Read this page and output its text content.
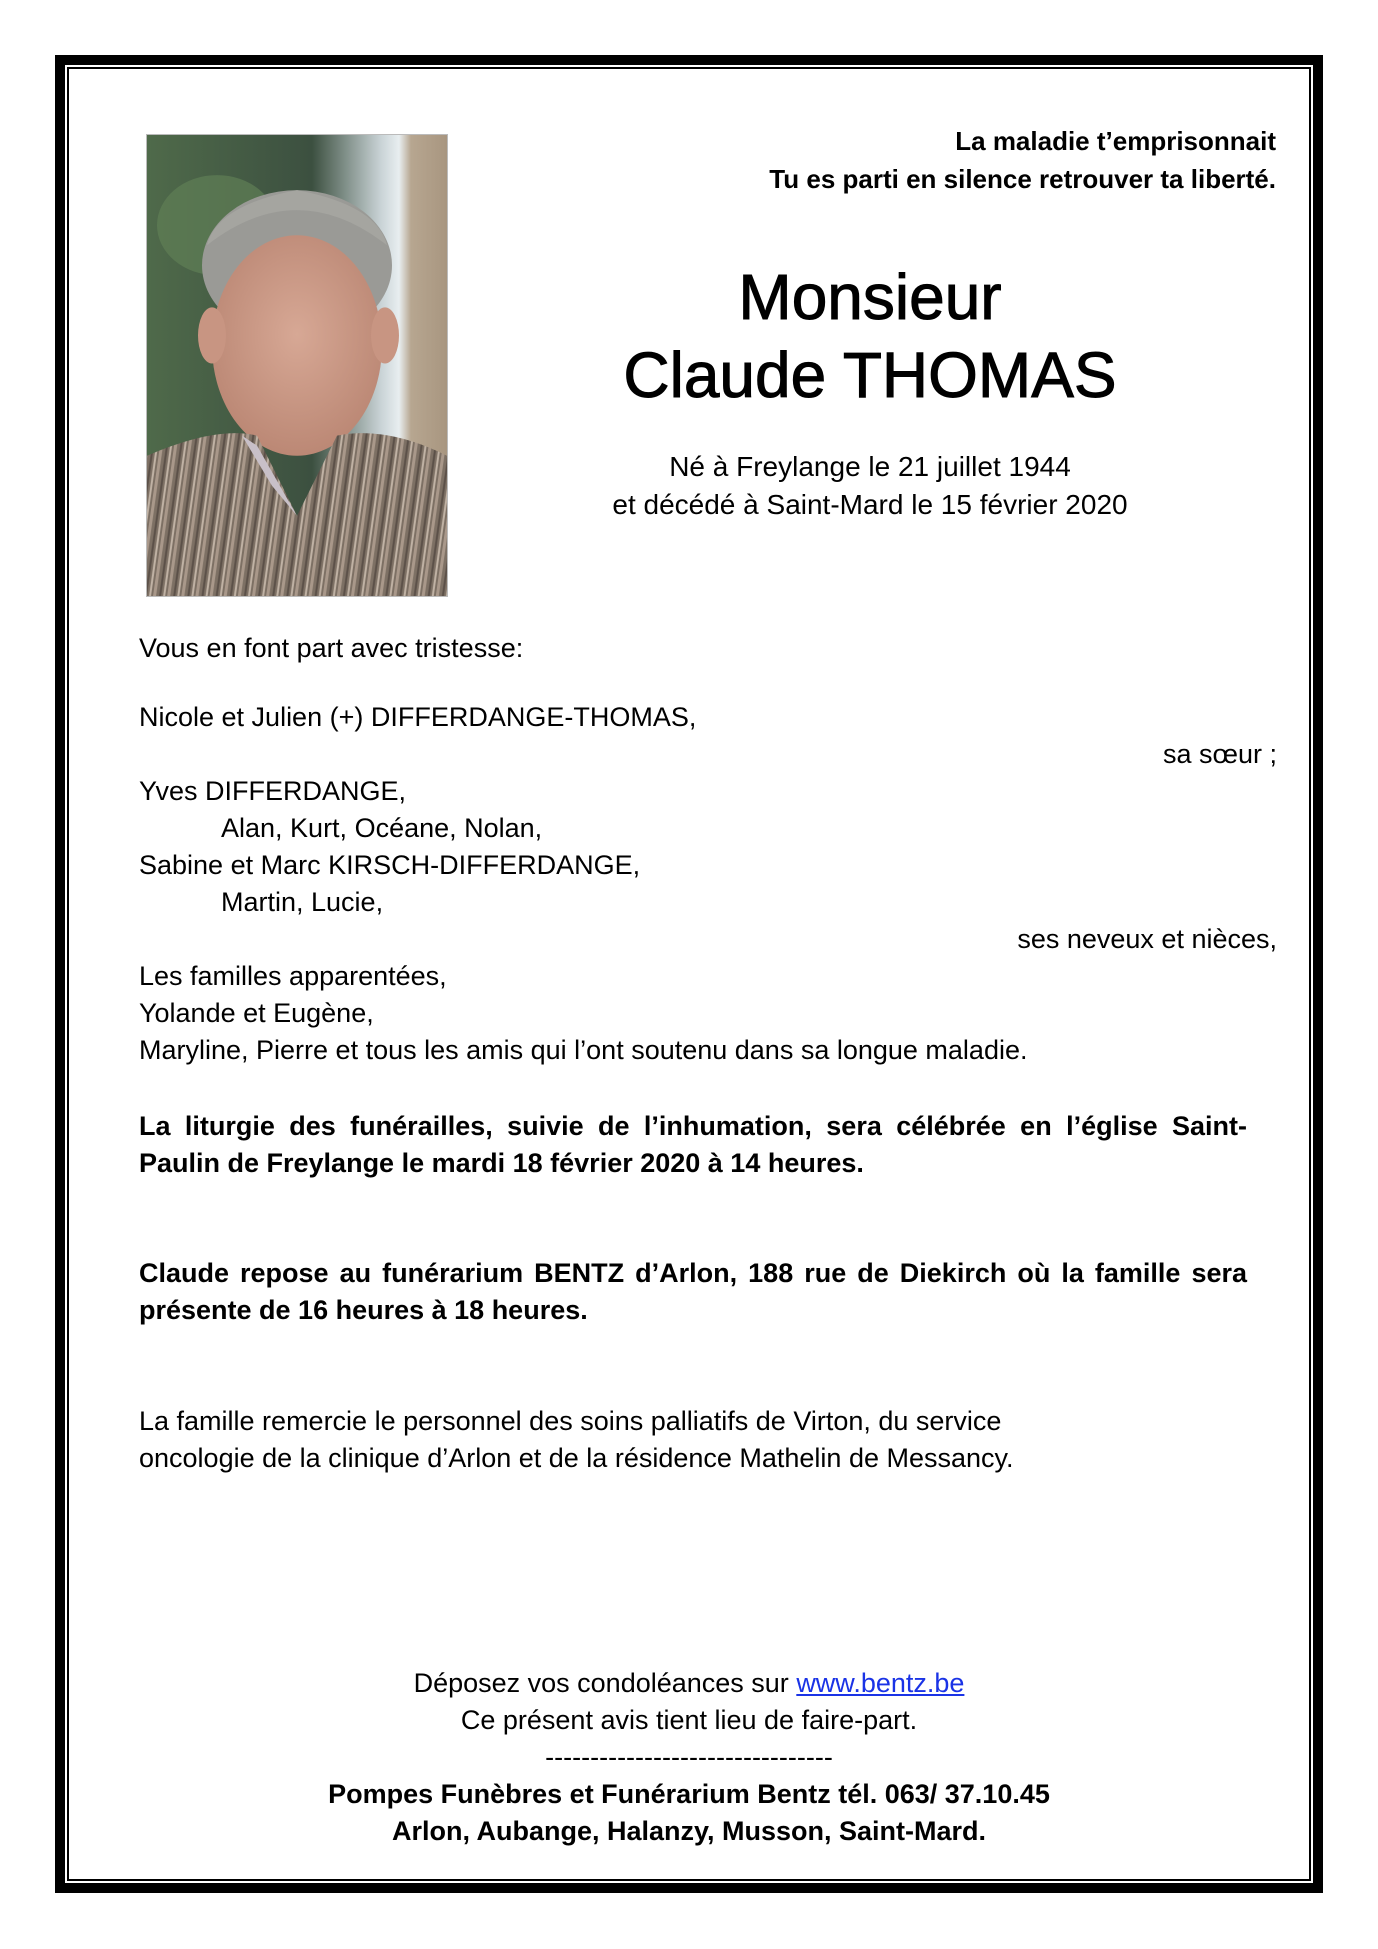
La maladie t’emprisonnait
Tu es parti en silence retrouver ta liberté.
Monsieur
Claude THOMAS
Né à Freylange le 21 juillet 1944
et décédé à Saint-Mard le 15 février 2020
Vous en font part avec tristesse:
Nicole et Julien (+) DIFFERDANGE-THOMAS,
sa sœur ;
Yves DIFFERDANGE,
Alan, Kurt, Océane, Nolan,
Sabine et Marc KIRSCH-DIFFERDANGE,
Martin, Lucie,
ses neveux et nièces,
Les familles apparentées,
Yolande et Eugène,
Maryline, Pierre et tous les amis qui l’ont soutenu dans sa longue maladie.
La liturgie des funérailles, suivie de l’inhumation, sera célébrée en l’église Saint-Paulin de Freylange le mardi 18 février 2020 à 14 heures.
Claude repose au funérarium BENTZ d’Arlon, 188 rue de Diekirch où la famille sera présente de 16 heures à 18 heures.
La famille remercie le personnel des soins palliatifs de Virton, du service
oncologie de la clinique d’Arlon et de la résidence Mathelin de Messancy.
Déposez vos condoléances sur www.bentz.be
Ce présent avis tient lieu de faire-part.
--------------------------------
Pompes Funèbres et Funérarium Bentz tél. 063/ 37.10.45
Arlon, Aubange, Halanzy, Musson, Saint-Mard.
